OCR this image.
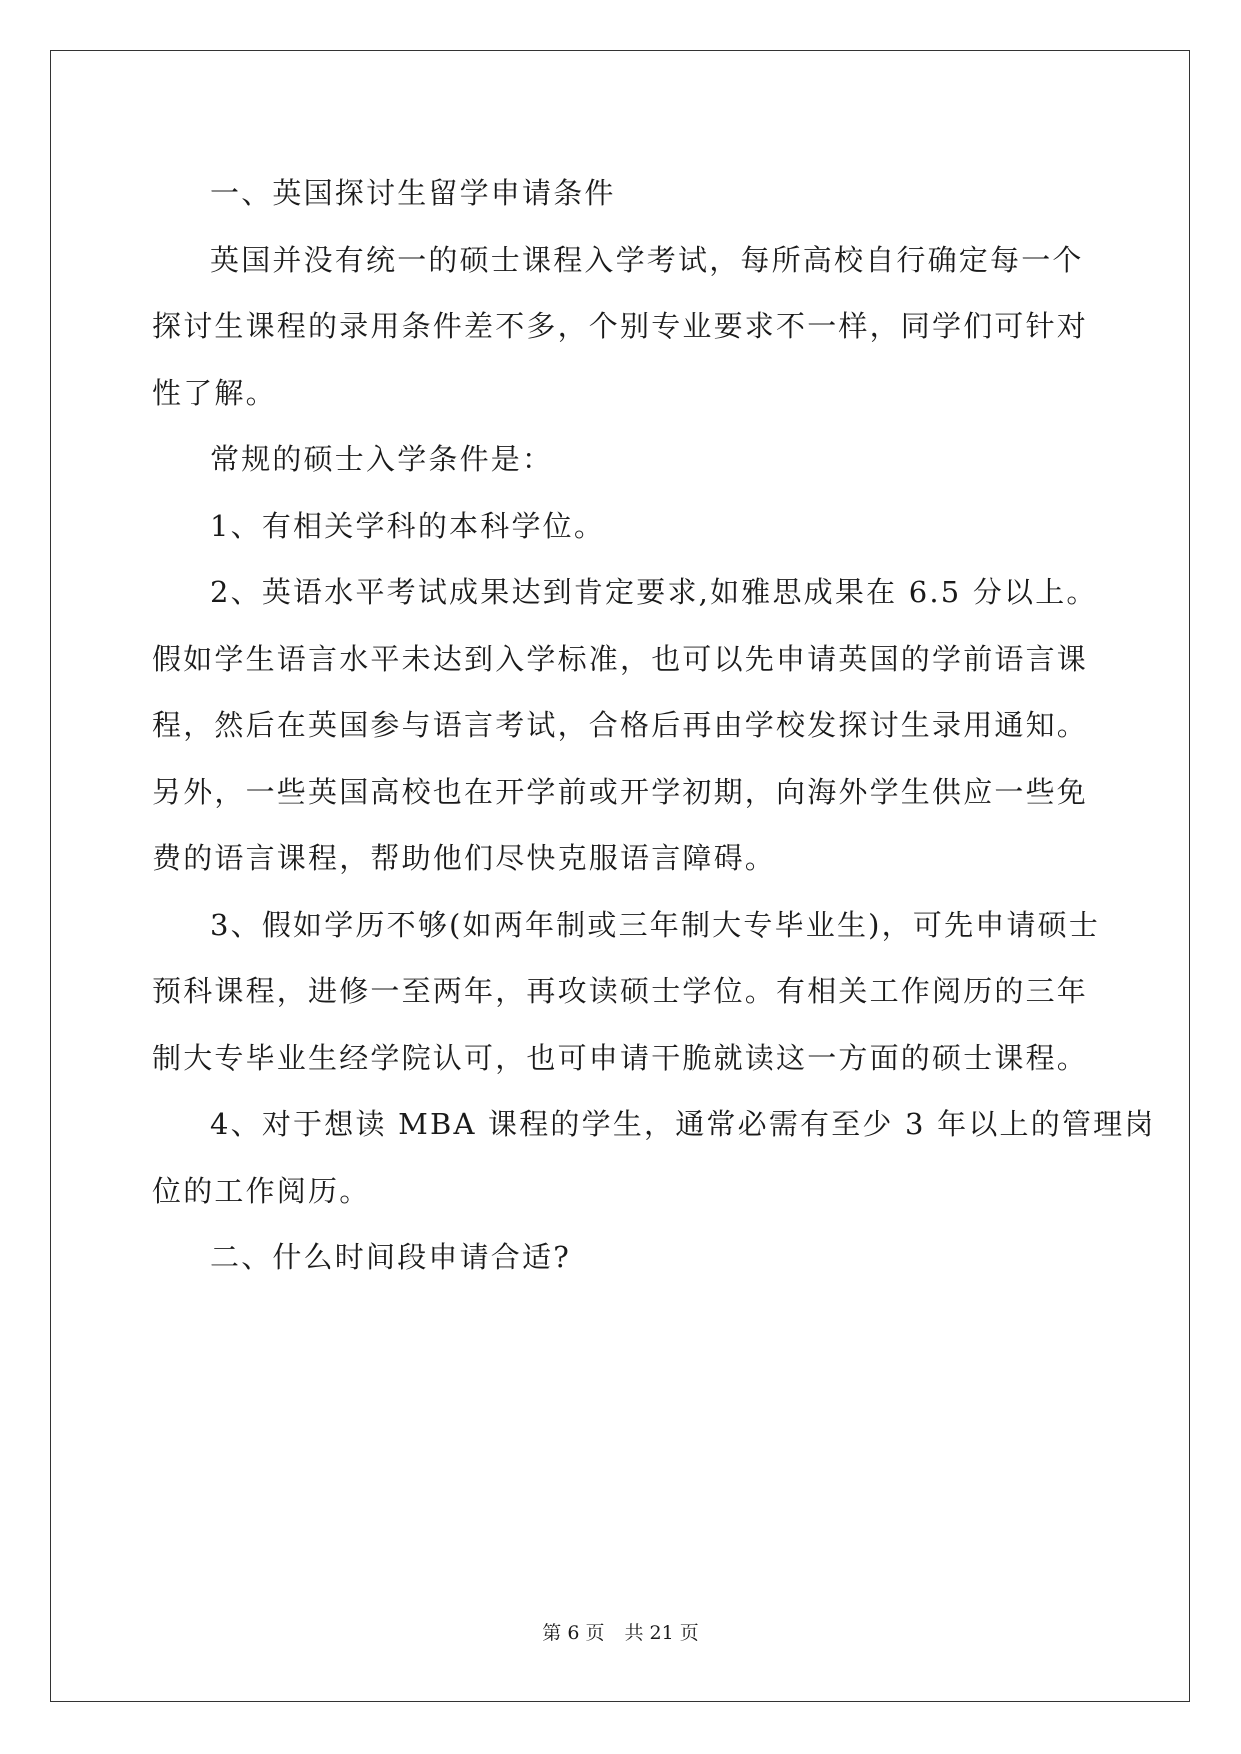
一、英国探讨生留学申请条件
英国并没有统一的硕士课程入学考试，每所高校自行确定每一个
探讨生课程的录用条件差不多，个别专业要求不一样，同学们可针对
性了解。
常规的硕士入学条件是：
1、有相关学科的本科学位。
2、英语水平考试成果达到肯定要求,如雅思成果在 6.5 分以上。
假如学生语言水平未达到入学标准，也可以先申请英国的学前语言课
程，然后在英国参与语言考试，合格后再由学校发探讨生录用通知。
另外，一些英国高校也在开学前或开学初期，向海外学生供应一些免
费的语言课程，帮助他们尽快克服语言障碍。
3、假如学历不够(如两年制或三年制大专毕业生)，可先申请硕士
预科课程，进修一至两年，再攻读硕士学位。有相关工作阅历的三年
制大专毕业生经学院认可，也可申请干脆就读这一方面的硕士课程。
4、对于想读 MBA 课程的学生，通常必需有至少 3 年以上的管理岗
位的工作阅历。
二、什么时间段申请合适?
第 6 页 共 21 页
